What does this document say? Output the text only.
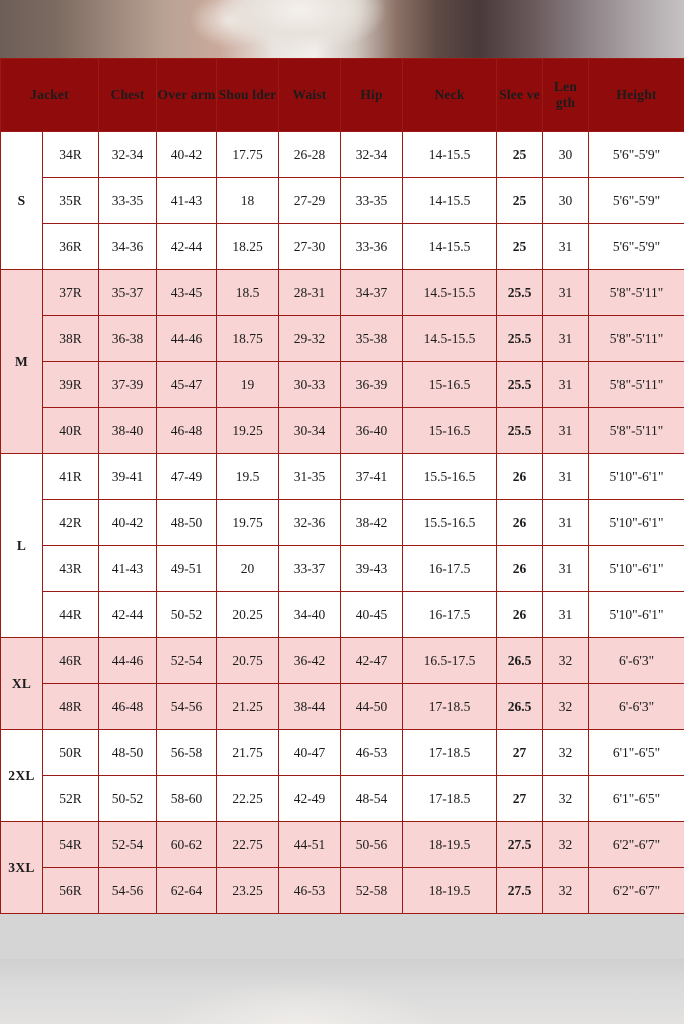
Jacket		Chest	Over arm	Shou lder	Waist	Hip	Neck	Slee ve	Len gth	Height
S	34R	32-34	40-42	17.75	26-28	32-34	14-15.5	25	30	5'6"-5'9"
	35R	33-35	41-43	18	27-29	33-35	14-15.5	25	30	5'6"-5'9"
	36R	34-36	42-44	18.25	27-30	33-36	14-15.5	25	31	5'6"-5'9"
M	37R	35-37	43-45	18.5	28-31	34-37	14.5-15.5	25.5	31	5'8"-5'11"
	38R	36-38	44-46	18.75	29-32	35-38	14.5-15.5	25.5	31	5'8"-5'11"
	39R	37-39	45-47	19	30-33	36-39	15-16.5	25.5	31	5'8"-5'11"
	40R	38-40	46-48	19.25	30-34	36-40	15-16.5	25.5	31	5'8"-5'11"
L	41R	39-41	47-49	19.5	31-35	37-41	15.5-16.5	26	31	5'10"-6'1"
	42R	40-42	48-50	19.75	32-36	38-42	15.5-16.5	26	31	5'10"-6'1"
	43R	41-43	49-51	20	33-37	39-43	16-17.5	26	31	5'10"-6'1"
	44R	42-44	50-52	20.25	34-40	40-45	16-17.5	26	31	5'10"-6'1"
XL	46R	44-46	52-54	20.75	36-42	42-47	16.5-17.5	26.5	32	6'-6'3"
	48R	46-48	54-56	21.25	38-44	44-50	17-18.5	26.5	32	6'-6'3"
2XL	50R	48-50	56-58	21.75	40-47	46-53	17-18.5	27	32	6'1"-6'5"
	52R	50-52	58-60	22.25	42-49	48-54	17-18.5	27	32	6'1"-6'5"
3XL	54R	52-54	60-62	22.75	44-51	50-56	18-19.5	27.5	32	6'2"-6'7"
	56R	54-56	62-64	23.25	46-53	52-58	18-19.5	27.5	32	6'2"-6'7"
